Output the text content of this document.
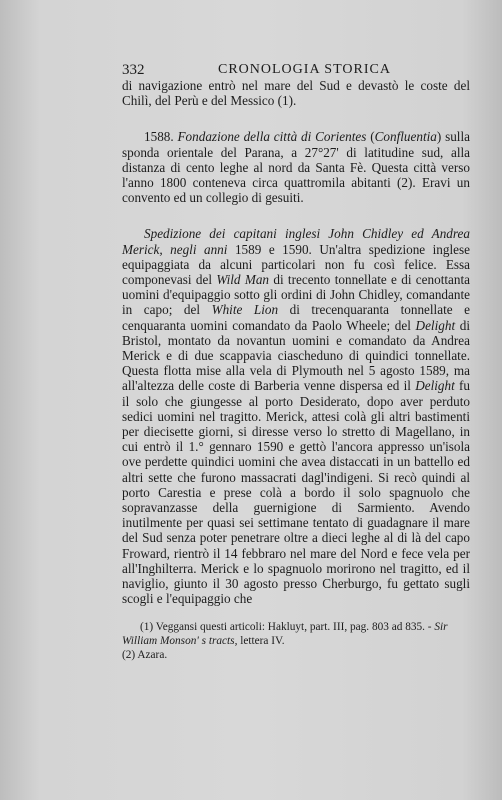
332	CRONOLOGIA STORICA

di navigazione entrò nel mare del Sud e devastò le coste del Chilì, del Perù e del Messico (1).

1588. Fondazione della città di Corientes (Confluentia) sulla sponda orientale del Parana, a 27°27' di latitudine sud, alla distanza di cento leghe al nord da Santa Fè. Questa città verso l'anno 1800 conteneva circa quattromila abitanti (2). Eravi un convento ed un collegio di gesuiti.

Spedizione dei capitani inglesi John Chidley ed Andrea Merick, negli anni 1589 e 1590. Un'altra spedizione inglese equipaggiata da alcuni particolari non fu così felice. Essa componevasi del Wild Man di trecento tonnellate e di cenottanta uomini d'equipaggio sotto gli ordini di John Chidley, comandante in capo; del White Lion di trecenquaranta tonnellate e cenquaranta uomini comandato da Paolo Wheele; del Delight di Bristol, montato da novantun uomini e comandato da Andrea Merick e di due scappavia ciascheduno di quindici tonnellate. Questa flotta mise alla vela di Plymouth nel 5 agosto 1589, ma all'altezza delle coste di Barberia venne dispersa ed il Delight fu il solo che giungesse al porto Desiderato, dopo aver perduto sedici uomini nel tragitto. Merick, attesi colà gli altri bastimenti per diecisette giorni, si diresse verso lo stretto di Magellano, in cui entrò il 1.° gennaro 1590 e gettò l'ancora appresso un'isola ove perdette quindici uomini che avea distaccati in un battello ed altri sette che furono massacrati dagl'indigeni. Si recò quindi al porto Carestia e prese colà a bordo il solo spagnuolo che sopravanzasse della guernigione di Sarmiento. Avendo inutilmente per quasi sei settimane tentato di guadagnare il mare del Sud senza poter penetrare oltre a dieci leghe al di là del capo Froward, rientrò il 14 febbraro nel mare del Nord e fece vela per all'Inghilterra. Merick e lo spagnuolo morirono nel tragitto, ed il naviglio, giunto il 30 agosto presso Cherburgo, fu gettato sugli scogli e l'equipaggio che

(1) Veggansi questi articoli: Hakluyt, part. III, pag. 803 ad 835. - Sir William Monson' s tracts, lettera IV.

(2) Azara.
